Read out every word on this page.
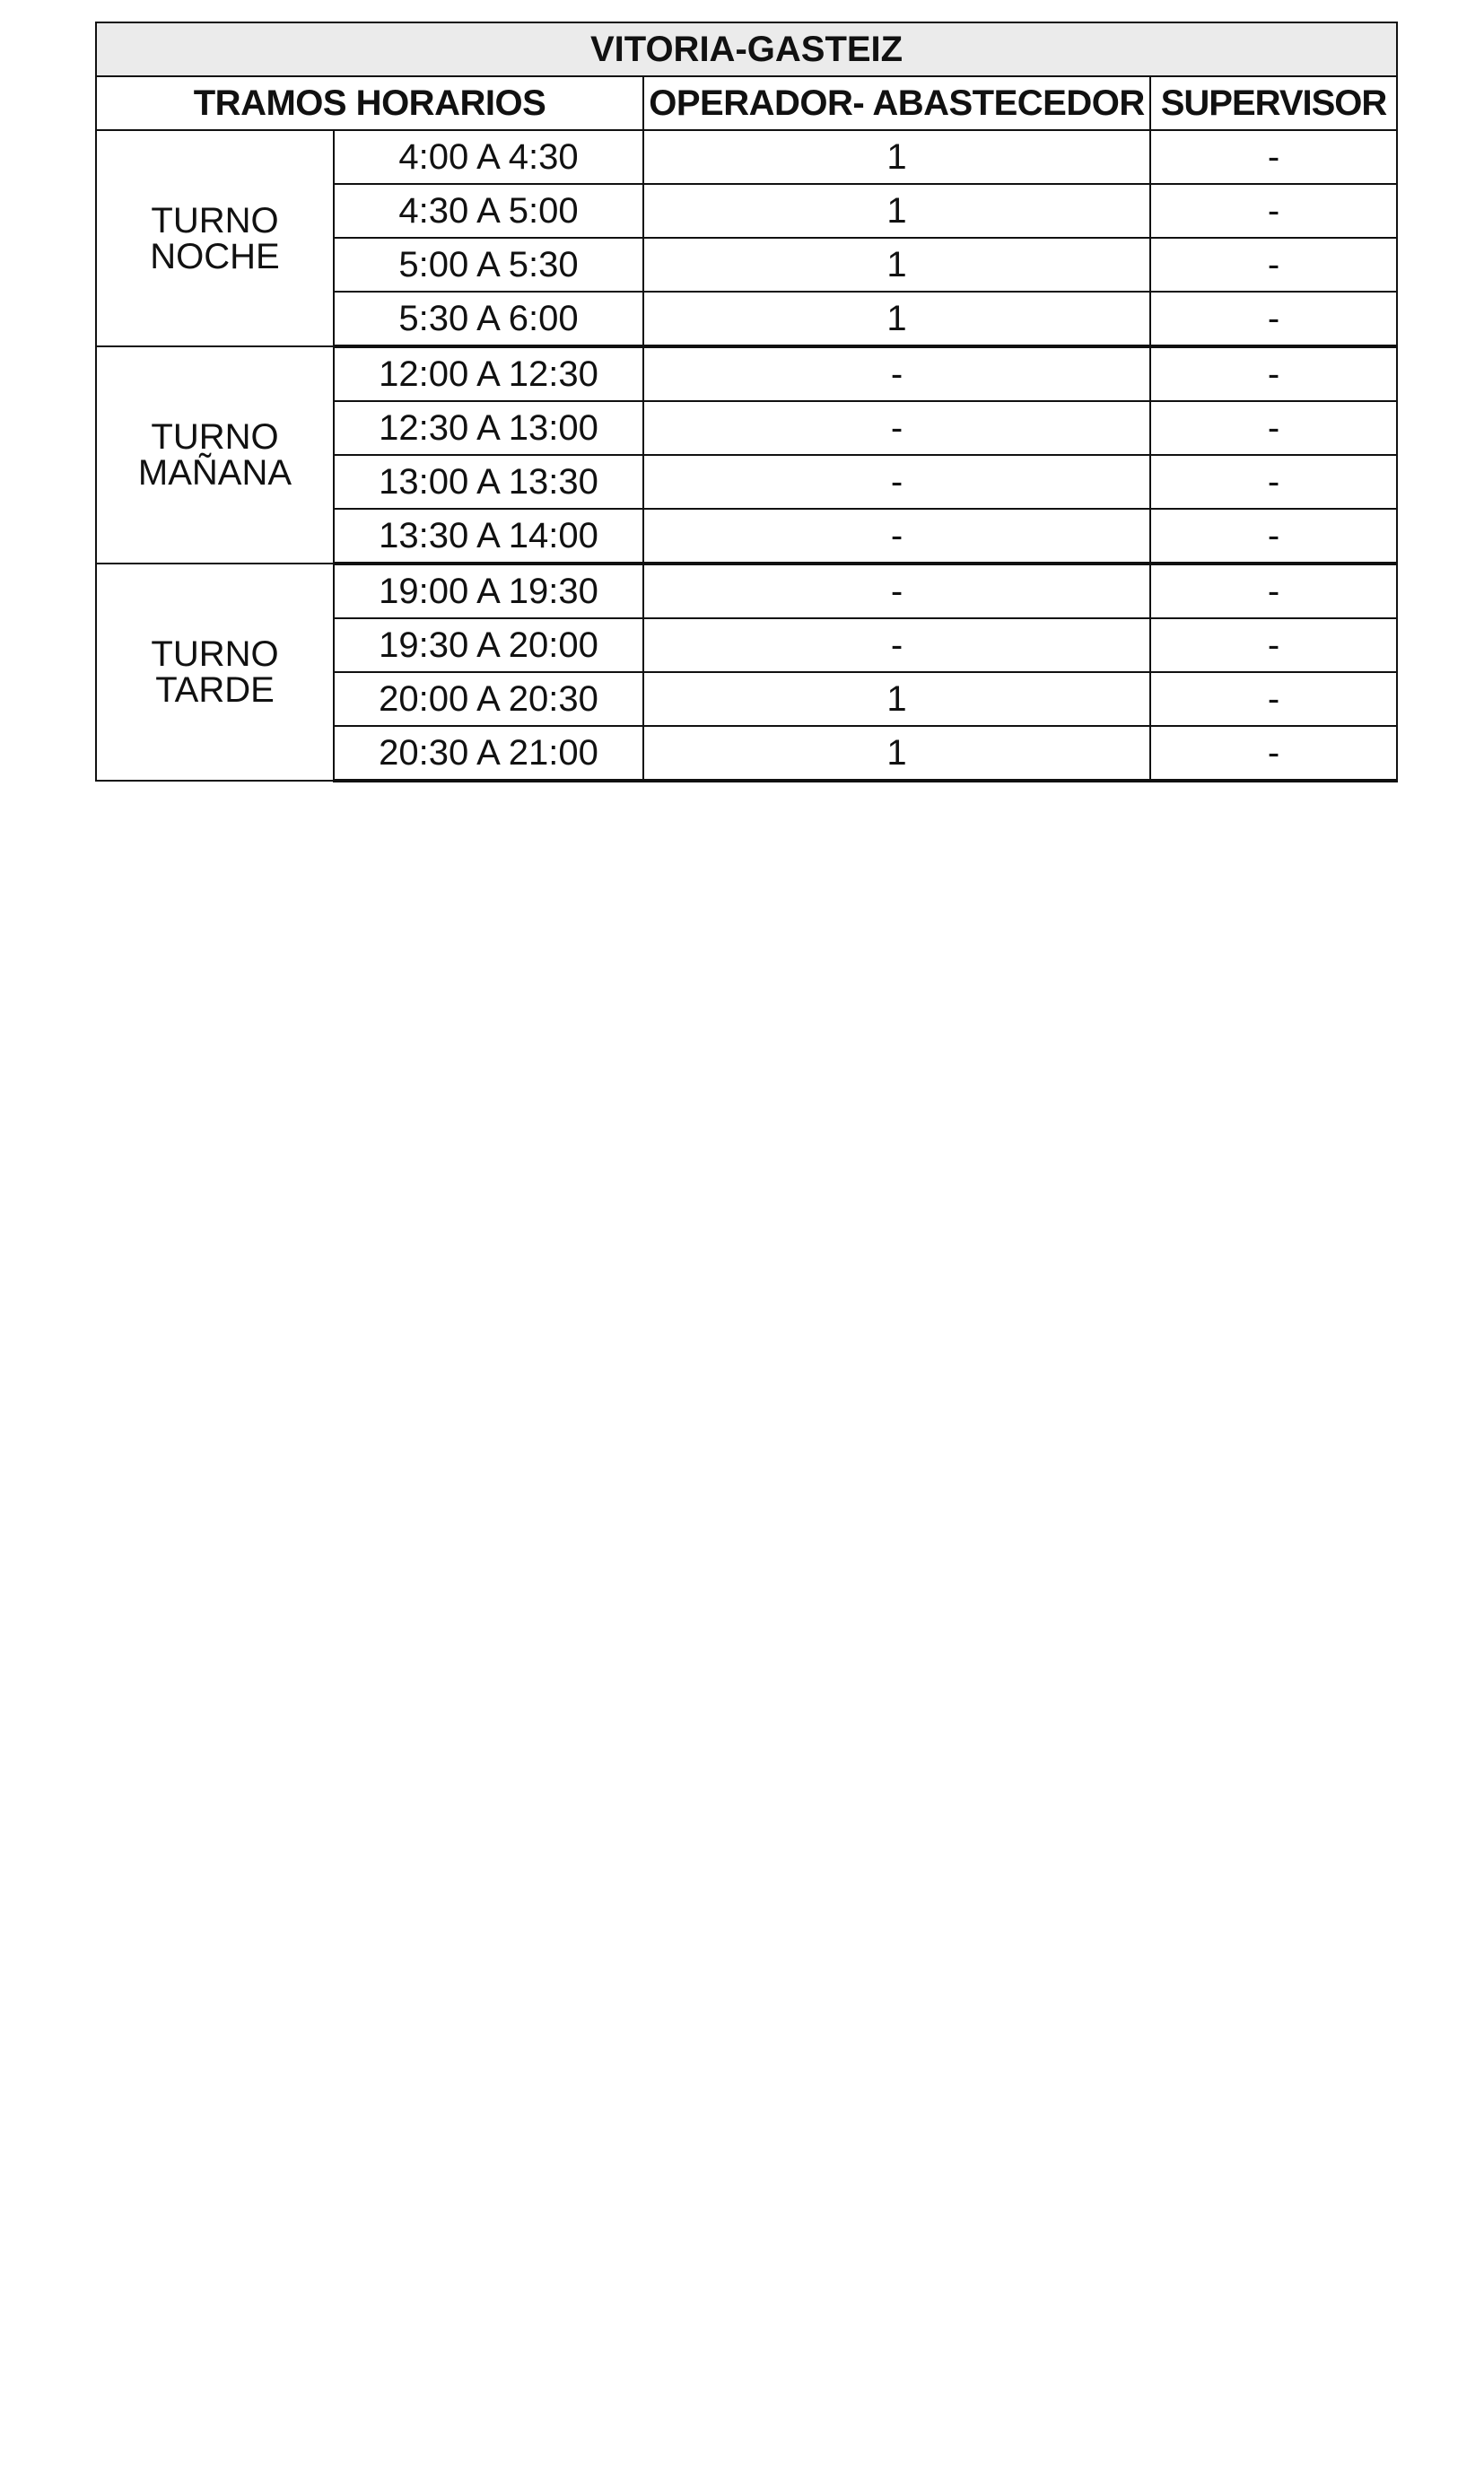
VITORIA-GASTEIZ			
TRAMOS HORARIOS		OPERADOR- ABASTECEDOR	SUPERVISOR

TURNO
NOCHE	4:00 A 4:30	1	-
	4:30 A 5:00	1	-
	5:00 A 5:30	1	-
	5:30 A 6:00	1	-

TURNO
MAÑANA	12:00 A 12:30	-	-
	12:30 A 13:00	-	-
	13:00 A 13:30	-	-
	13:30 A 14:00	-	-

TURNO
TARDE	19:00 A 19:30	-	-
	19:30 A 20:00	-	-
	20:00 A 20:30	1	-
	20:30 A 21:00	1	-
